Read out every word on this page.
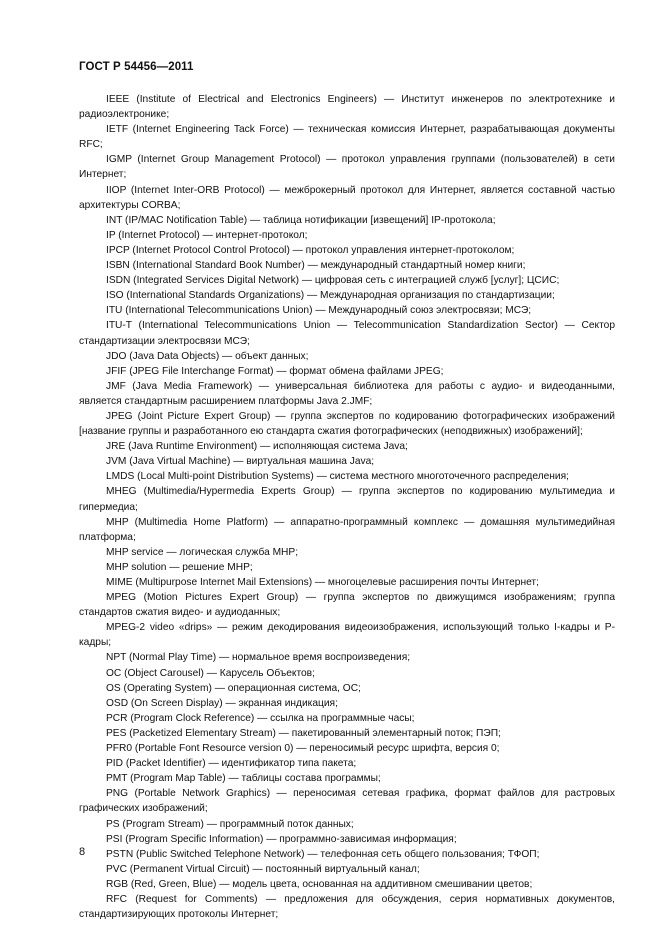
ГОСТ Р 54456—2011

IEEE (Institute of Electrical and Electronics Engineers) — Институт инженеров по электротехнике и радиоэлектронике;

IETF (Internet Engineering Tack Force) — техническая комиссия Интернет, разрабатывающая документы RFC;

IGMP (Internet Group Management Protocol) — протокол управления группами (пользователей) в сети Интернет;

IIOP (Internet Inter-ORB Protocol) — межброкерный протокол для Интернет, является составной частью архитектуры CORBA;

INT (IP/MAC Notification Table) — таблица нотификации [извещений] IP-протокола;

IP (Internet Protocol) — интернет-протокол;

IPCP (Internet Protocol Control Protocol) — протокол управления интернет-протоколом;

ISBN (International Standard Book Number) — международный стандартный номер книги;

ISDN (Integrated Services Digital Network) — цифровая сеть с интеграцией служб [услуг]; ЦСИС;

ISO (International Standards Organizations) — Международная организация по стандартизации;

ITU (International Telecommunications Union) — Международный союз электросвязи; МСЭ;

ITU-T (International Telecommunications Union — Telecommunication Standardization Sector) — Сектор стандартизации электросвязи МСЭ;

JDO (Java Data Objects) — объект данных;

JFIF (JPEG File Interchange Format) — формат обмена файлами JPEG;

JMF (Java Media Framework) — универсальная библиотека для работы с аудио- и видеоданными, является стандартным расширением платформы Java 2.JMF;

JPEG (Joint Picture Expert Group) — группа экспертов по кодированию фотографических изображений [название группы и разработанного ею стандарта сжатия фотографических (неподвижных) изображений];

JRE (Java Runtime Environment) — исполняющая система Java;

JVM (Java Virtual Machine) — виртуальная машина Java;

LMDS (Local Multi-point Distribution Systems) — система местного многоточечного распределения;

MHEG (Multimedia/Hypermedia Experts Group) — группа экспертов по кодированию мультимедиа и гипермедиа;

MHP (Multimedia Home Platform) — аппаратно-программный комплекс — домашняя мультимедийная платформа;

MHP service — логическая служба MHP;

MHP solution — решение MHP;

MIME (Multipurpose Internet Mail Extensions) — многоцелевые расширения почты Интернет;

MPEG (Motion Pictures Expert Group) — группа экспертов по движущимся изображениям; группа стандартов сжатия видео- и аудиоданных;

MPEG-2 video «drips» — режим декодирования видеоизображения, использующий только I-кадры и P-кадры;

NPT (Normal Play Time) — нормальное время воспроизведения;

OC (Object Carousel) — Карусель Объектов;

OS (Operating System) — операционная система, ОС;

OSD (On Screen Display) — экранная индикация;

PCR (Program Clock Reference) — ссылка на программные часы;

PES (Packetized Elementary Stream) — пакетированный элементарный поток; ПЭП;

PFR0 (Portable Font Resource version 0) — переносимый ресурс шрифта, версия 0;

PID (Packet Identifier) — идентификатор типа пакета;

PMT (Program Map Table) — таблицы состава программы;

PNG (Portable Network Graphics) — переносимая сетевая графика, формат файлов для растровых графических изображений;

PS (Program Stream) — программный поток данных;

PSI (Program Specific Information) — программно-зависимая информация;

PSTN (Public Switched Telephone Network) — телефонная сеть общего пользования; ТФОП;

PVC (Permanent Virtual Circuit) — постоянный виртуальный канал;

RGB (Red, Green, Blue) — модель цвета, основанная на аддитивном смешивании цветов;

RFC (Request for Comments) — предложения для обсуждения, серия нормативных документов, стандартизирующих протоколы Интернет;

8
